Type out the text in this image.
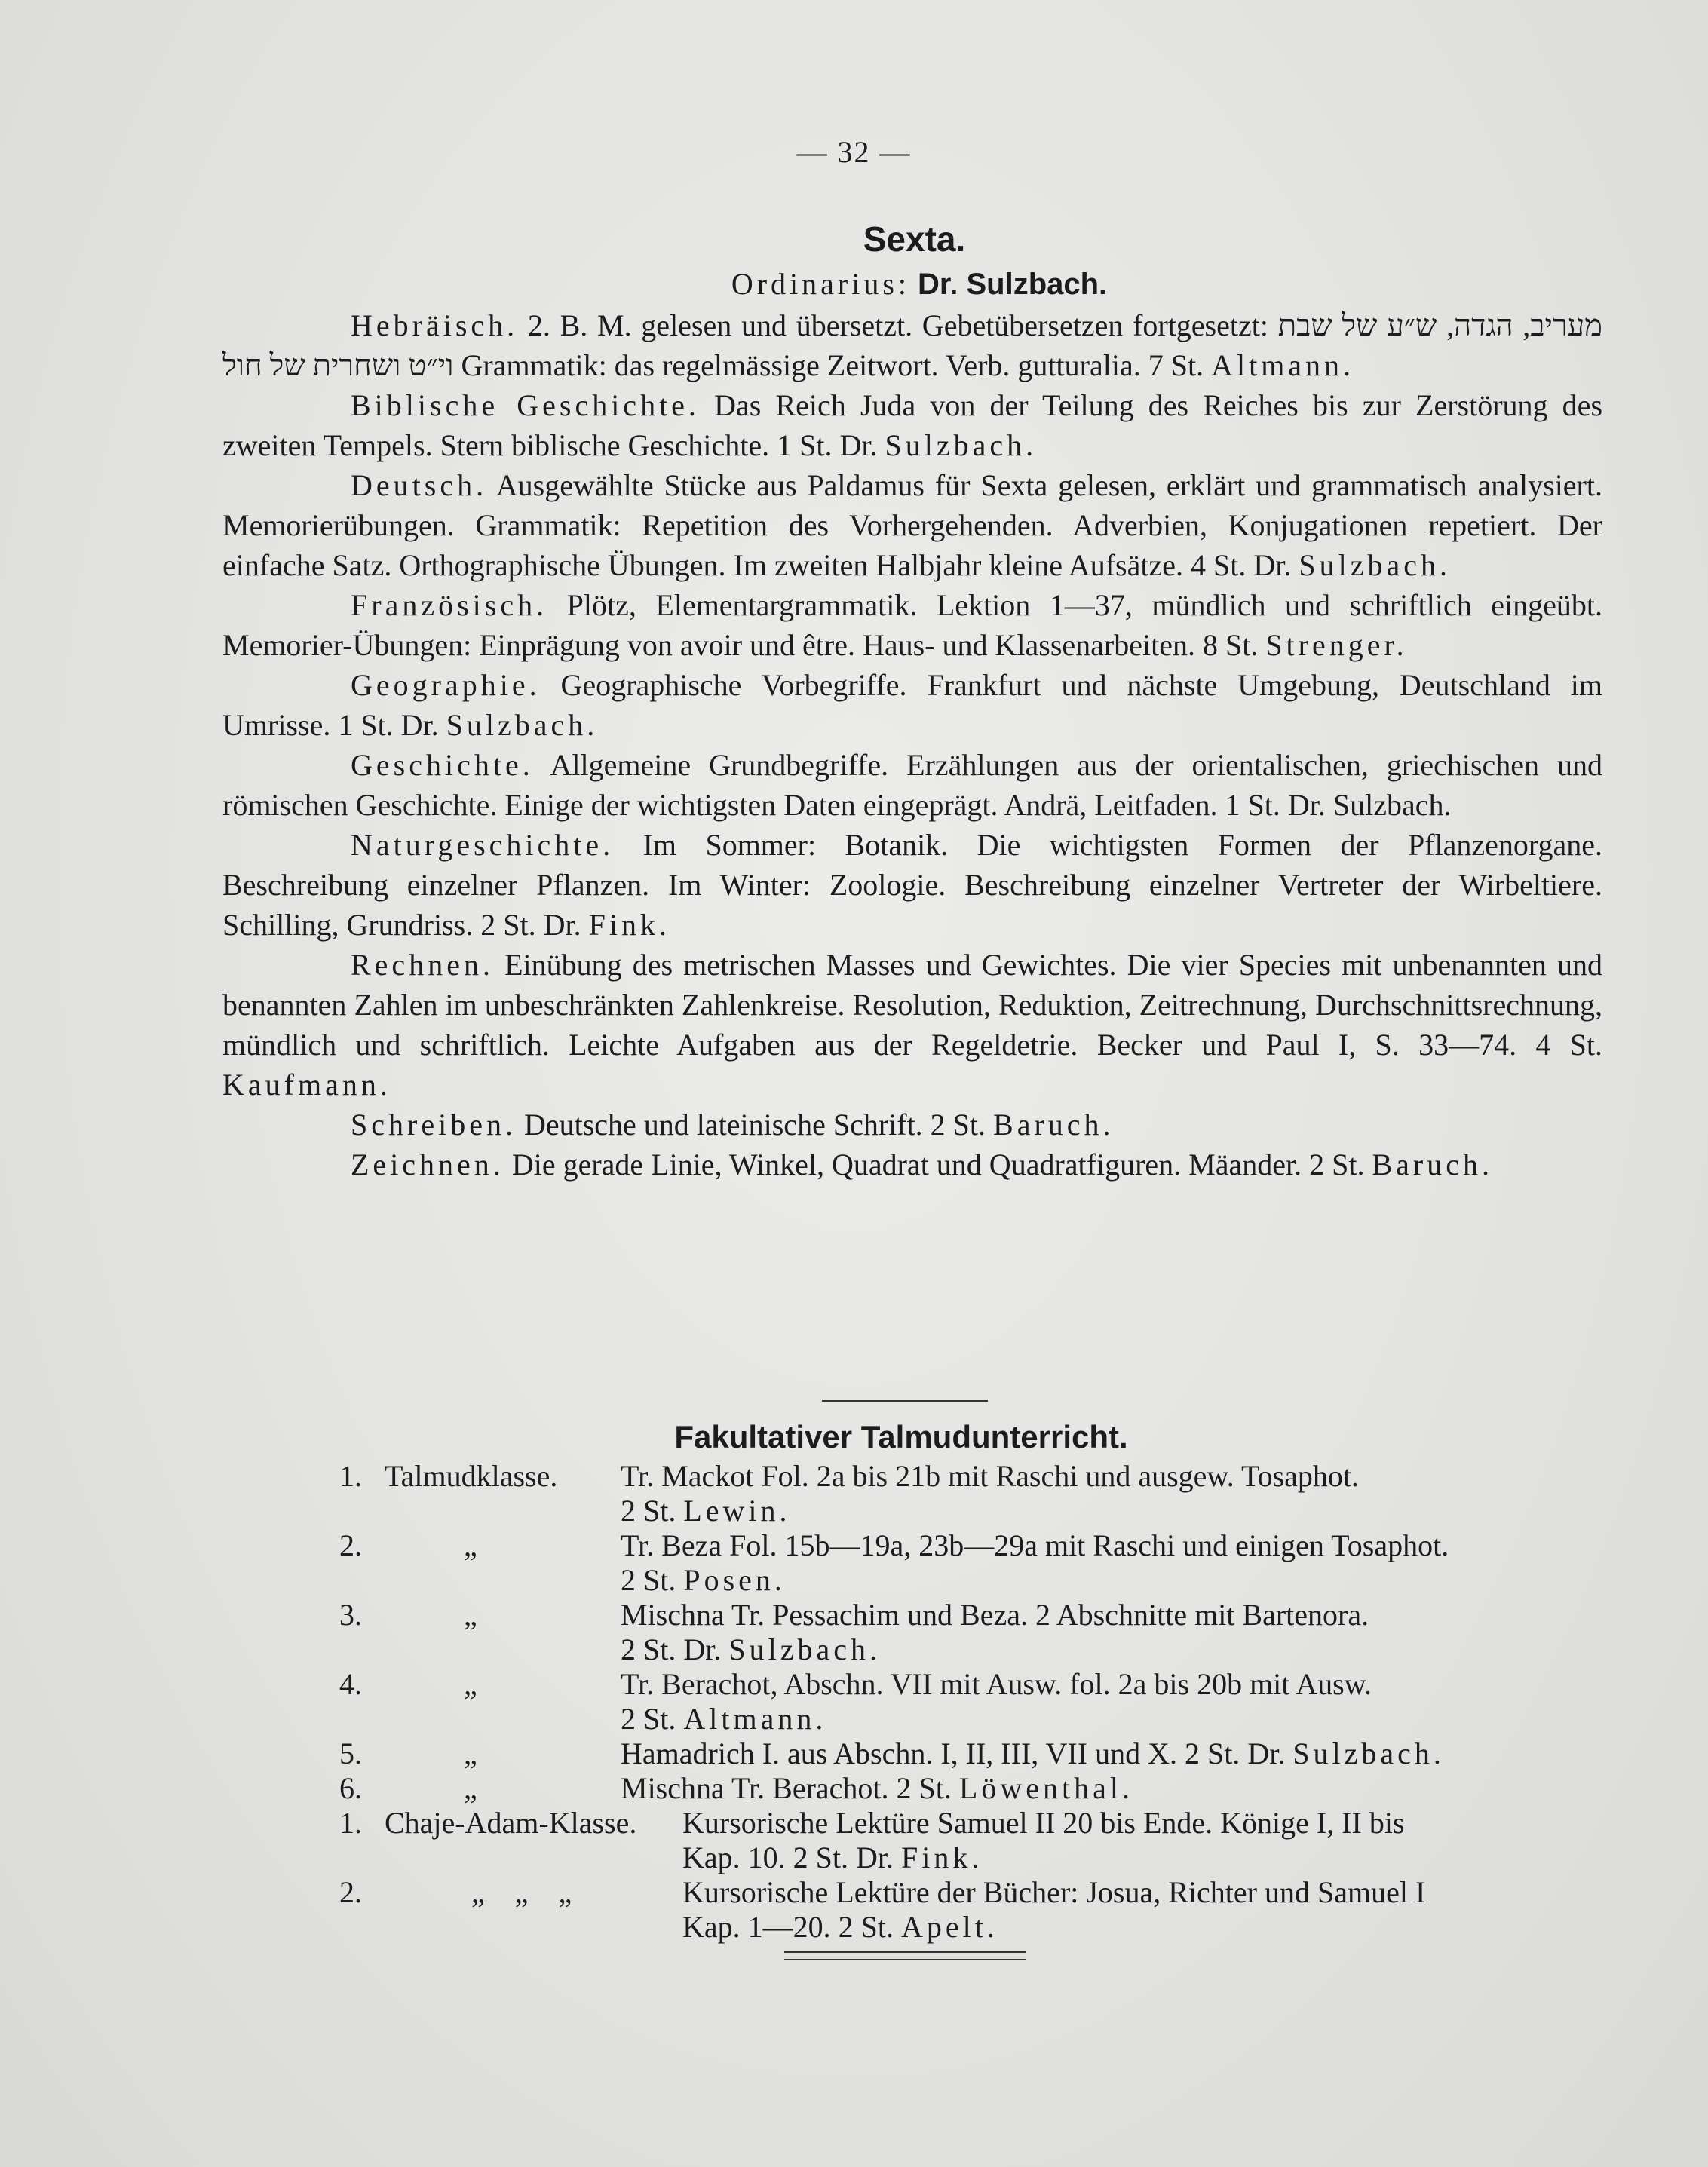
— 32 —
Sexta.
Ordinarius: Dr. Sulzbach.

Hebräisch. 2. B. M. gelesen und übersetzt. Gebetübersetzen fortgesetzt: מעריב, הגדה, ש״ע של שבת וי״ט ושחרית של חול Grammatik: das regelmässige Zeitwort. Verb. gutturalia. 7 St. Altmann.

Biblische Geschichte. Das Reich Juda von der Teilung des Reiches bis zur Zerstörung des zweiten Tempels. Stern biblische Geschichte. 1 St. Dr. Sulzbach.

Deutsch. Ausgewählte Stücke aus Paldamus für Sexta gelesen, erklärt und grammatisch analysiert. Memorierübungen. Grammatik: Repetition des Vorhergehenden. Adverbien, Konjugationen repetiert. Der einfache Satz. Orthographische Übungen. Im zweiten Halbjahr kleine Aufsätze. 4 St. Dr. Sulzbach.

Französisch. Plötz, Elementargrammatik. Lektion 1—37, mündlich und schriftlich eingeübt. Memorier-Übungen: Einprägung von avoir und être. Haus- und Klassenarbeiten. 8 St. Strenger.

Geographie. Geographische Vorbegriffe. Frankfurt und nächste Umgebung, Deutschland im Umrisse. 1 St. Dr. Sulzbach.

Geschichte. Allgemeine Grundbegriffe. Erzählungen aus der orientalischen, griechischen und römischen Geschichte. Einige der wichtigsten Daten eingeprägt. Andrä, Leitfaden. 1 St. Dr. Sulzbach.

Naturgeschichte. Im Sommer: Botanik. Die wichtigsten Formen der Pflanzenorgane. Beschreibung einzelner Pflanzen. Im Winter: Zoologie. Beschreibung einzelner Vertreter der Wirbeltiere. Schilling, Grundriss. 2 St. Dr. Fink.

Rechnen. Einübung des metrischen Masses und Gewichtes. Die vier Species mit unbenannten und benannten Zahlen im unbeschränkten Zahlenkreise. Resolution, Reduktion, Zeitrechnung, Durchschnittsrechnung, mündlich und schriftlich. Leichte Aufgaben aus der Regeldetrie. Becker und Paul I, S. 33—74. 4 St. Kaufmann.

Schreiben. Deutsche und lateinische Schrift. 2 St. Baruch.

Zeichnen. Die gerade Linie, Winkel, Quadrat und Quadratfiguren. Mäander. 2 St. Baruch.

Fakultativer Talmudunterricht.
1. Talmudklasse. Tr. Mackot Fol. 2a bis 21b mit Raschi und ausgew. Tosaphot.
2 St. Lewin.
2.	„	Tr. Beza Fol. 15b—19a, 23b—29a mit Raschi und einigen Tosaphot.
2 St. Posen.
3.	„	Mischna Tr. Pessachim und Beza. 2 Abschnitte mit Bartenora.
2 St. Dr. Sulzbach.
4.	„	Tr. Berachot, Abschn. VII mit Ausw. fol. 2a bis 20b mit Ausw.
2 St. Altmann.
5.	„	Hamadrich I. aus Abschn. I, II, III, VII und X. 2 St. Dr. Sulzbach.
6.	„	Mischna Tr. Berachot. 2 St. Löwenthal.
1. Chaje-Adam-Klasse. Kursorische Lektüre Samuel II 20 bis Ende. Könige I, II bis
Kap. 10. 2 St. Dr. Fink.
2.	„    „    „	Kursorische Lektüre der Bücher: Josua, Richter und Samuel I
Kap. 1—20. 2 St. Apelt.
